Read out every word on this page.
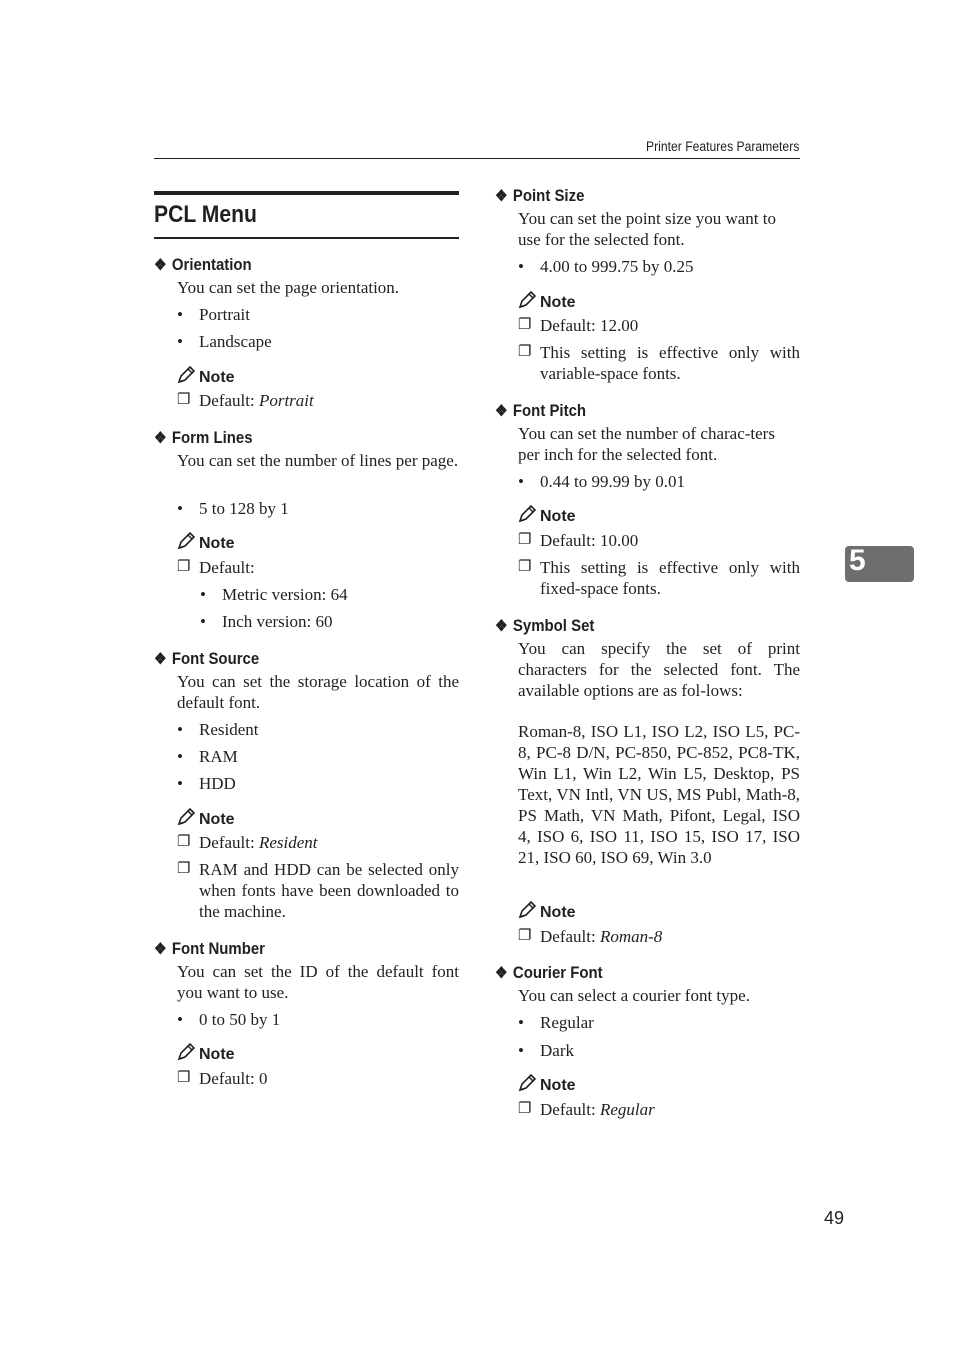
Printer Features Parameters
PCL Menu
❖ Orientation
You can set the page orientation.
• Portrait
• Landscape
Note
❐ Default: Portrait
❖ Form Lines
You can set the number of lines per page.
• 5 to 128 by 1
Note
❐ Default:
• Metric version: 64
• Inch version: 60
❖ Font Source
You can set the storage location of the default font.
• Resident
• RAM
• HDD
Note
❐ Default: Resident
❐ RAM and HDD can be selected only when fonts have been downloaded to the machine.
❖ Font Number
You can set the ID of the default font you want to use.
• 0 to 50 by 1
Note
❐ Default: 0
❖ Point Size
You can set the point size you want to use for the selected font.
• 4.00 to 999.75 by 0.25
Note
❐ Default: 12.00
❐ This setting is effective only with variable-space fonts.
❖ Font Pitch
You can set the number of charac-ters per inch for the selected font.
• 0.44 to 99.99 by 0.01
Note
❐ Default: 10.00
❐ This setting is effective only with fixed-space fonts.
❖ Symbol Set
You can specify the set of print characters for the selected font. The available options are as fol-lows:
Roman-8, ISO L1, ISO L2, ISO L5, PC-8, PC-8 D/N, PC-850, PC-852, PC8-TK, Win L1, Win L2, Win L5, Desktop, PS Text, VN Intl, VN US, MS Publ, Math-8, PS Math, VN Math, Pifont, Legal, ISO 4, ISO 6, ISO 11, ISO 15, ISO 17, ISO 21, ISO 60, ISO 69, Win 3.0
Note
❐ Default: Roman-8
❖ Courier Font
You can select a courier font type.
• Regular
• Dark
Note
❐ Default: Regular
5
49
